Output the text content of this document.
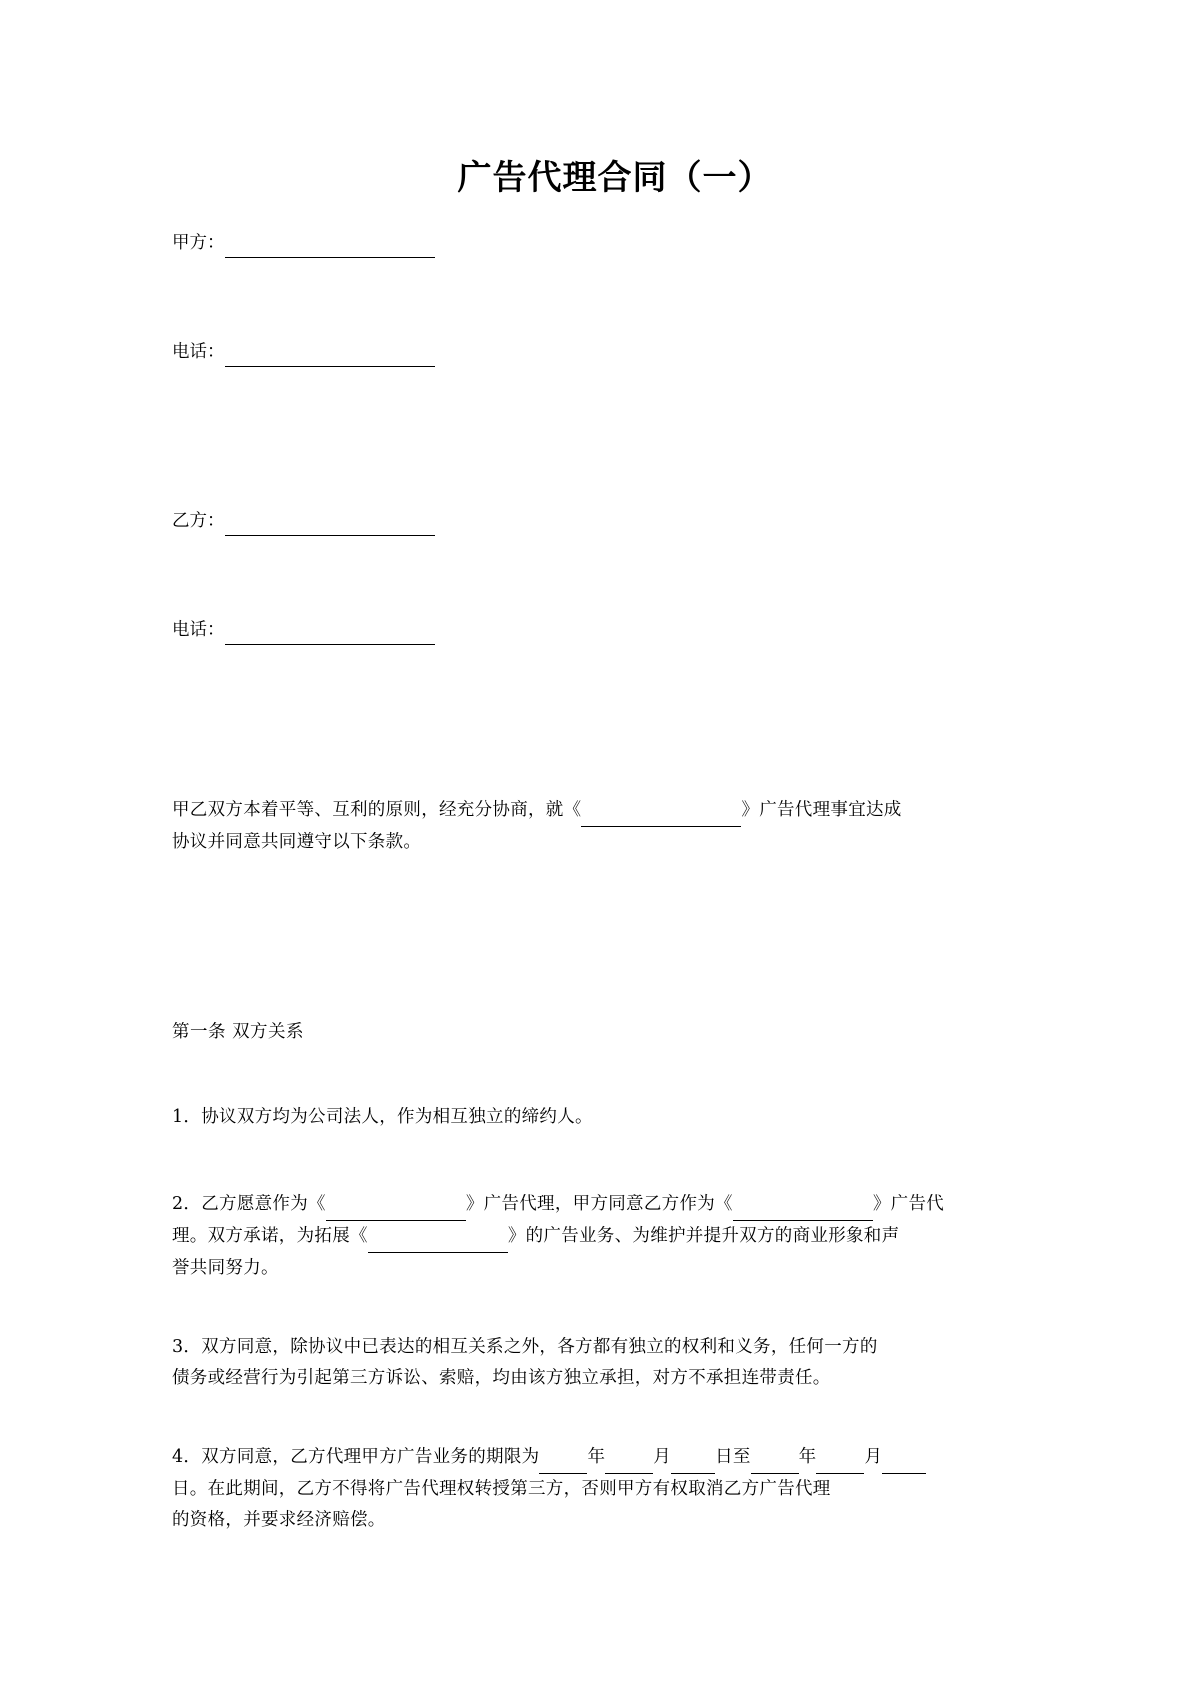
广告代理合同（一）
甲方：
电话：
乙方：
电话：
甲乙双方本着平等、互利的原则，经充分协商，就《	》广告代理事宜达成
协议并同意共同遵守以下条款。
第一条 双方关系
1．协议双方均为公司法人，作为相互独立的缔约人。
2．乙方愿意作为《	》广告代理，甲方同意乙方作为《	》广告代
理。双方承诺，为拓展《	》的广告业务、为维护并提升双方的商业形象和声
誉共同努力。
3．双方同意，除协议中已表达的相互关系之外，各方都有独立的权利和义务，任何一方的
债务或经营行为引起第三方诉讼、索赔，均由该方独立承担，对方不承担连带责任。
4．双方同意，乙方代理甲方广告业务的期限为	年	月	日至	年	月
日。在此期间，乙方不得将广告代理权转授第三方，否则甲方有权取消乙方广告代理
的资格，并要求经济赔偿。
